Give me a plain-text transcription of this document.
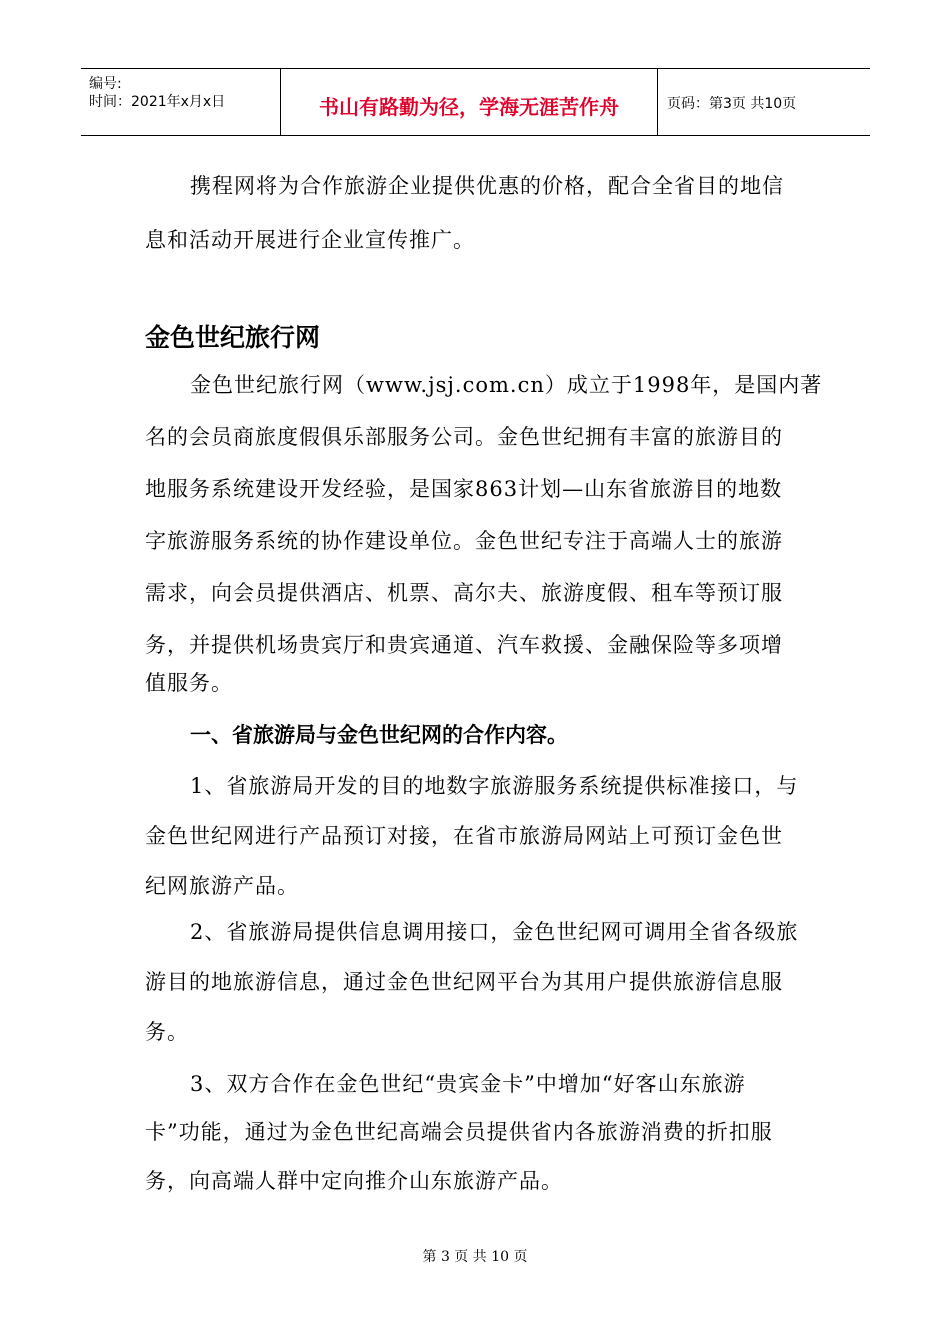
编号:
时间：2021年x月x日	书山有路勤为径，学海无涯苦作舟	页码：第3页 共10页
携程网将为合作旅游企业提供优惠的价格，配合全省目的地信
息和活动开展进行企业宣传推广。
金色世纪旅行网
金色世纪旅行网（www.jsj.com.cn）成立于1998年，是国内著
名的会员商旅度假俱乐部服务公司。金色世纪拥有丰富的旅游目的
地服务系统建设开发经验，是国家863计划—山东省旅游目的地数
字旅游服务系统的协作建设单位。金色世纪专注于高端人士的旅游
需求，向会员提供酒店、机票、高尔夫、旅游度假、租车等预订服
务，并提供机场贵宾厅和贵宾通道、汽车救援、金融保险等多项增
值服务。
一、省旅游局与金色世纪网的合作内容。
1、省旅游局开发的目的地数字旅游服务系统提供标准接口，与
金色世纪网进行产品预订对接，在省市旅游局网站上可预订金色世
纪网旅游产品。
2、省旅游局提供信息调用接口，金色世纪网可调用全省各级旅
游目的地旅游信息，通过金色世纪网平台为其用户提供旅游信息服
务。
3、双方合作在金色世纪“贵宾金卡”中增加“好客山东旅游
卡”功能，通过为金色世纪高端会员提供省内各旅游消费的折扣服
务，向高端人群中定向推介山东旅游产品。
第 3 页 共 10 页
